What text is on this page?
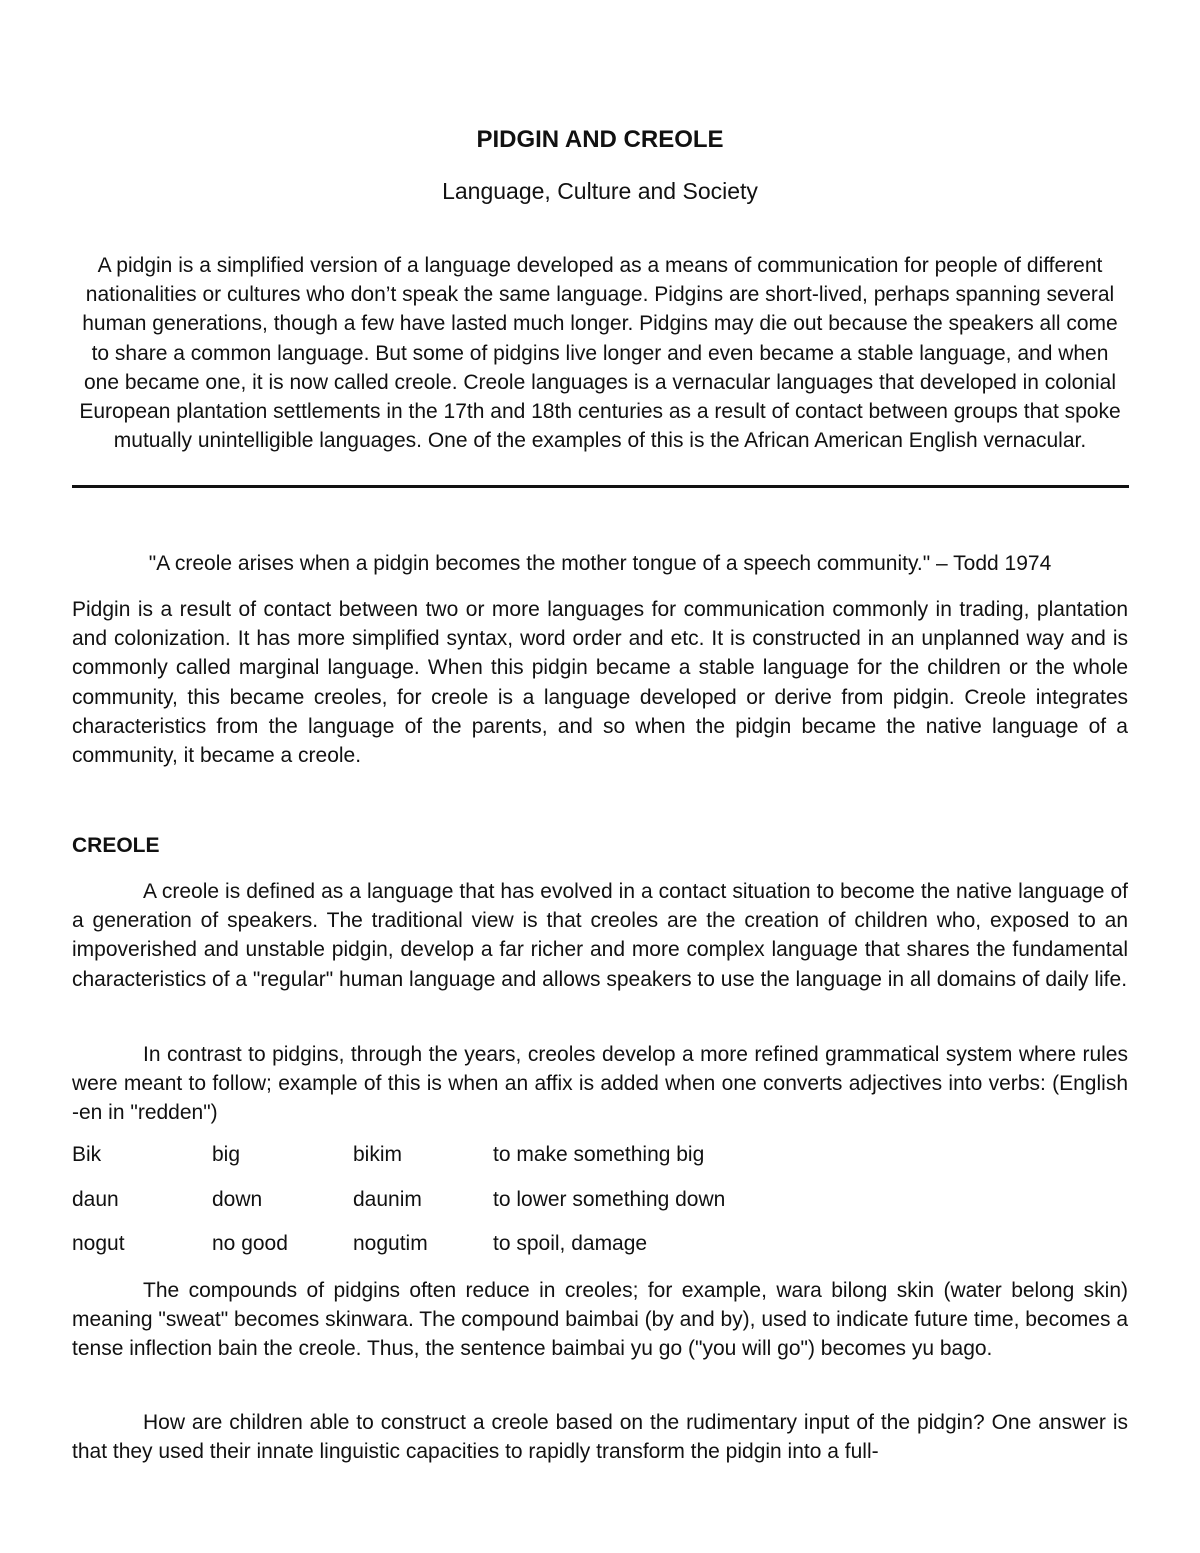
PIDGIN AND CREOLE
Language, Culture and Society

A pidgin is a simplified version of a language developed as a means of communication for people of different nationalities or cultures who don’t speak the same language. Pidgins are short-lived, perhaps spanning several human generations, though a few have lasted much longer. Pidgins may die out because the speakers all come to share a common language. But some of pidgins live longer and even became a stable language, and when one became one, it is now called creole. Creole languages is a vernacular languages that developed in colonial European plantation settlements in the 17th and 18th centuries as a result of contact between groups that spoke mutually unintelligible languages. One of the examples of this is the African American English vernacular.

"A creole arises when a pidgin becomes the mother tongue of a speech community." – Todd 1974

Pidgin is a result of contact between two or more languages for communication commonly in trading, plantation and colonization. It has more simplified syntax, word order and etc. It is constructed in an unplanned way and is commonly called marginal language. When this pidgin became a stable language for the children or the whole community, this became creoles, for creole is a language developed or derive from pidgin. Creole integrates characteristics from the language of the parents, and so when the pidgin became the native language of a community, it became a creole.

CREOLE

A creole is defined as a language that has evolved in a contact situation to become the native language of a generation of speakers. The traditional view is that creoles are the creation of children who, exposed to an impoverished and unstable pidgin, develop a far richer and more complex language that shares the fundamental characteristics of a "regular" human language and allows speakers to use the language in all domains of daily life.

In contrast to pidgins, through the years, creoles develop a more refined grammatical system where rules were meant to follow; example of this is when an affix is added when one converts adjectives into verbs: (English -en in "redden")

Bik	big	bikim	to make something big
daun	down	daunim	to lower something down
nogut	no good	nogutim	to spoil, damage

The compounds of pidgins often reduce in creoles; for example, wara bilong skin (water belong skin) meaning "sweat" becomes skinwara. The compound baimbai (by and by), used to indicate future time, becomes a tense inflection bain the creole. Thus, the sentence baimbai yu go ("you will go") becomes yu bago.

How are children able to construct a creole based on the rudimentary input of the pidgin? One answer is that they used their innate linguistic capacities to rapidly transform the pidgin into a full-
